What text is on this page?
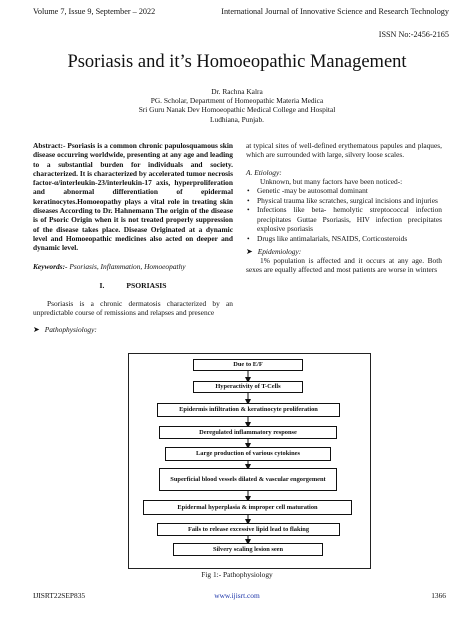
Volume 7, Issue 9, September – 2022	International Journal of Innovative Science and Research Technology
ISSN No:-2456-2165
Psoriasis and it’s Homoeopathic Management
Dr. Rachna Kalra
PG. Scholar, Department of Homeopathic Materia Medica
Sri Guru Nanak Dev Homoeopathic Medical College and Hospital
Ludhiana, Punjab.

Abstract:- Psoriasis is a common chronic papulosquamous skin disease occurring worldwide, presenting at any age and leading to a substantial burden for individuals and society. characterized. It is characterized by accelerated tumor necrosis factor-α/interleukin-23/interleukin-17 axis, hyperproliferation and abnormal differentiation of epidermal keratinocytes.Homoeopathy plays a vital role in treating skin diseases According to Dr. Hahnemann The origin of the disease is of Psoric Origin when it is not treated properly suppression of the disease takes place. Disease Originated at a dynamic level and Homoeopathic medicines also acted on deeper and dynamic level.

Keywords:- Psoriasis, Inflammation, Homoeopathy

I.	PSORIASIS

Psoriasis is a chronic dermatosis characterized by an unpredictable course of remissions and relapses and presence

➤ Pathophysiology:

at typical sites of well-defined erythematous papules and plaques, which are surrounded with large, silvery loose scales.

A. Etiology:
Unknown, but many factors have been noticed-:
• Genetic -may be autosomal dominant
• Physical trauma like scratches, surgical incisions and injuries
• Infections like beta- hemolytic streptococcal infection precipitates Guttae Psoriasis, HIV infection precipitates explosive psoriasis
• Drugs like antimalarials, NSAIDS, Corticosteroids
➤ Epidemiology:

1% population is affected and it occurs at any age. Both sexes are equally affected and most patients are worse in winters

Due to E/F
Hyperactivity of T-Cells
Epidermis infiltration & keratinocyte proliferation
Deregulated inflammatory response
Large production of various cytokines
Superficial blood vessels dilated & vascular engorgement
Epidermal hyperplasia & improper cell maturation
Fails to release excessive lipid lead to flaking
Silvery scaling lesion seen
Fig 1:- Pathophysiology
IJISRT22SEP835	www.ijisrt.com	1366
